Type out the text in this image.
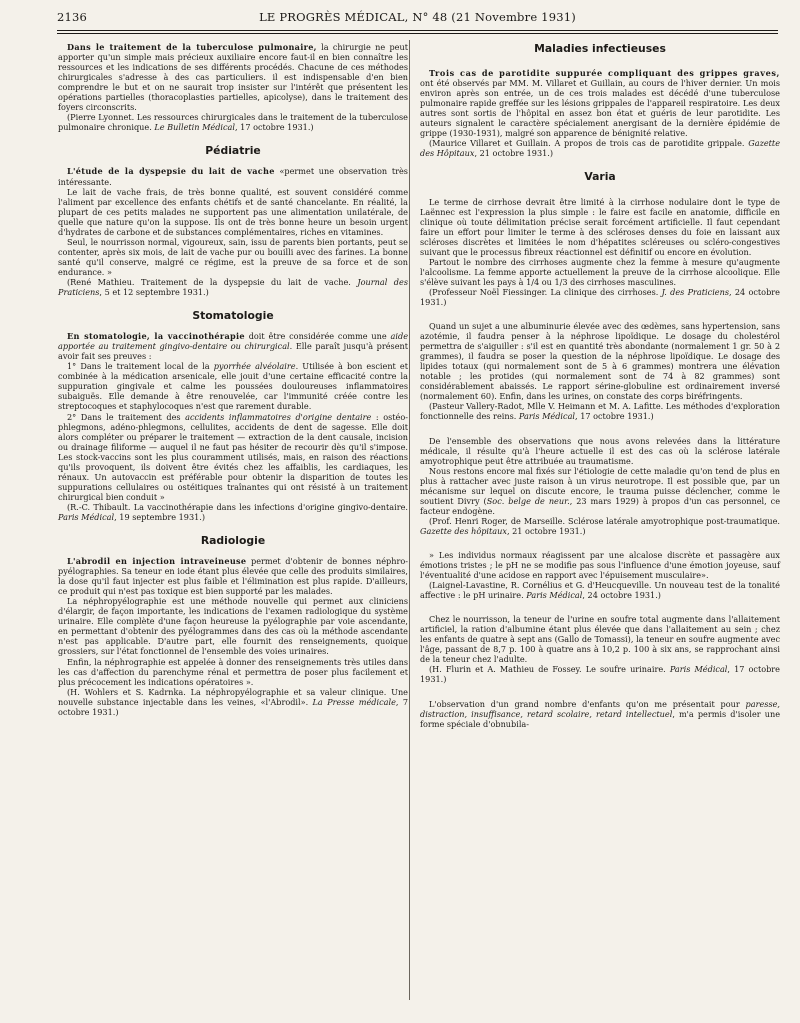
2136	LE PROGRÈS MÉDICAL, N° 48 (21 Novembre 1931)

Dans le traitement de la tuberculose pulmonaire, la chirurgie ne peut apporter qu'un simple mais précieux auxiliaire encore faut-il en bien connaître les ressources et les indications de ses différents procédés. Chacune de ces méthodes chirurgicales s'adresse à des cas particuliers. il est indispensable d'en bien comprendre le but et on ne saurait trop insister sur l'intérêt que présentent les opérations partielles (thoracoplasties partielles, apicolyse), dans le traitement des foyers circonscrits.

(Pierre Lyonnet. Les ressources chirurgicales dans le traitement de la tuberculose pulmonaire chronique. Le Bulletin Médical, 17 octobre 1931.)

Pédiatrie

L'étude de la dyspepsie du lait de vache «permet une observation très intéressante.

Le lait de vache frais, de très bonne qualité, est souvent considéré comme l'aliment par excellence des enfants chétifs et de santé chancelante. En réalité, la plupart de ces petits malades ne supportent pas une alimentation unilatérale, de quelle que nature qu'on la suppose. Ils ont de très bonne heure un besoin urgent d'hydrates de carbone et de substances complémentaires, riches en vitamines.

Seul, le nourrisson normal, vigoureux, sain, issu de parents bien portants, peut se contenter, après six mois, de lait de vache pur ou bouilli avec des farines. La bonne santé qu'il conserve, malgré ce régime, est la preuve de sa force et de son endurance. »

(René Mathieu. Traitement de la dyspepsie du lait de vache. Journal des Praticiens, 5 et 12 septembre 1931.)

Stomatologie

En stomatologie, la vaccinothérapie doit être considérée comme une aide apportée au traitement gingivo-dentaire ou chirurgical. Elle paraît jusqu'à présent avoir fait ses preuves :

1° Dans le traitement local de la pyorrhée alvéolaire. Utilisée à bon escient et combinée à la médication arsenicale, elle jouit d'une certaine efficacité contre la suppuration gingivale et calme les poussées douloureuses inflammatoires subaiguës. Elle demande à être renouvelée, car l'immunité créée contre les streptocoques et staphylocoques n'est que rarement durable.

2° Dans le traitement des accidents inflammatoires d'origine dentaire : ostéo-phlegmons, adéno-phlegmons, cellulites, accidents de dent de sagesse. Elle doit alors compléter ou préparer le traitement — extraction de la dent causale, incision ou drainage filiforme — auquel il ne faut pas hésiter de recourir dès qu'il s'impose. Les stock-vaccins sont les plus couramment utilisés, mais, en raison des réactions qu'ils provoquent, ils doivent être évités chez les affaiblis, les cardiaques, les rénaux. Un autovaccin est préférable pour obtenir la disparition de toutes les suppurations cellulaires ou ostéitiques traînantes qui ont résisté à un traitement chirurgical bien conduit »

(R.-C. Thibault. La vaccinothérapie dans les infections d'origine gingivo-dentaire. Paris Médical, 19 septembre 1931.)

Radiologie

L'abrodil en injection intraveineuse permet d'obtenir de bonnes néphro-pyélographies. Sa teneur en iode étant plus élevée que celle des produits similaires, la dose qu'il faut injecter est plus faible et l'élimination est plus rapide. D'ailleurs, ce produit qui n'est pas toxique est bien supporté par les malades.

La néphropyélographie est une méthode nouvelle qui permet aux cliniciens d'élargir, de façon importante, les indications de l'examen radiologique du système urinaire. Elle complète d'une façon heureuse la pyélographie par voie ascendante, en permettant d'obtenir des pyélogrammes dans des cas où la méthode ascendante n'est pas applicable. D'autre part, elle fournit des renseignements, quoique grossiers, sur l'état fonctionnel de l'ensemble des voies urinaires.

Enfin, la néphrographie est appelée à donner des renseignements très utiles dans les cas d'affection du parenchyme rénal et permettra de poser plus facilement et plus précocement les indications opératoires ».

(H. Wohlers et S. Kadrnka. La néphropyélographie et sa valeur clinique. Une nouvelle substance injectable dans les veines, «l'Abrodil». La Presse médicale, 7 octobre 1931.)

Maladies infectieuses

Trois cas de parotidite suppurée compliquant des grippes graves, ont été observés par MM. M. Villaret et Guillain, au cours de l'hiver dernier. Un mois environ après son entrée, un de ces trois malades est décédé d'une tuberculose pulmonaire rapide greffée sur les lésions grippales de l'appareil respiratoire. Les deux autres sont sortis de l'hôpital en assez bon état et guéris de leur parotidite. Les auteurs signalent le caractère spécialement anergisant de la dernière épidémie de grippe (1930-1931), malgré son apparence de bénignité relative.

(Maurice Villaret et Guillain. A propos de trois cas de parotidite grippale. Gazette des Hôpitaux, 21 octobre 1931.)

Varia

Le terme de cirrhose devrait être limité à la cirrhose nodulaire dont le type de Laënnec est l'expression la plus simple : le faire est facile en anatomie, difficile en clinique où toute délimitation précise serait forcément artificielle. Il faut cependant faire un effort pour limiter le terme à des scléroses denses du foie en laissant aux scléroses discrètes et limitées le nom d'hépatites scléreuses ou scléro-congestives suivant que le processus fibreux réactionnel est définitif ou encore en évolution.

Partout le nombre des cirrhoses augmente chez la femme à mesure qu'augmente l'alcoolisme. La femme apporte actuellement la preuve de la cirrhose alcoolique. Elle s'élève suivant les pays à 1/4 ou 1/3 des cirrhoses masculines.

(Professeur Noël Fiessinger. La clinique des cirrhoses. J. des Praticiens, 24 octobre 1931.)

Quand un sujet a une albuminurie élevée avec des œdèmes, sans hypertension, sans azotémie, il faudra penser à la néphrose lipoïdique. Le dosage du cholestérol permettra de s'aiguiller : s'il est en quantité très abondante (normalement 1 gr. 50 à 2 grammes), il faudra se poser la question de la néphrose lipoïdique. Le dosage des lipides totaux (qui normalement sont de 5 à 6 grammes) montrera une élévation notable ; les protides (qui normalement sont de 74 à 82 grammes) sont considérablement abaissés. Le rapport sérine-globuline est ordinairement inversé (normalement 60). Enfin, dans les urines, on constate des corps biréfringents.

(Pasteur Vallery-Radot, Mlle V. Heimann et M. A. Lafitte. Les méthodes d'exploration fonctionnelle des reins. Paris Médical, 17 octobre 1931.)

De l'ensemble des observations que nous avons relevées dans la littérature médicale, il résulte qu'à l'heure actuelle il est des cas où la sclérose latérale amyotrophique peut être attribuée au traumatisme.

Nous restons encore mal fixés sur l'étiologie de cette maladie qu'on tend de plus en plus à rattacher avec juste raison à un virus neurotrope. Il est possible que, par un mécanisme sur lequel on discute encore, le trauma puisse déclencher, comme le soutient Divry (Soc. belge de neur., 23 mars 1929) à propos d'un cas personnel, ce facteur endogène.

(Prof. Henri Roger, de Marseille. Sclérose latérale amyotrophique post-traumatique. Gazette des hôpitaux, 21 octobre 1931.)

» Les individus normaux réagissent par une alcalose discrète et passagère aux émotions tristes ; le pH ne se modifie pas sous l'influence d'une émotion joyeuse, sauf l'éventualité d'une acidose en rapport avec l'épuisement musculaire».

(Laignel-Lavastine, R. Cornélius et G. d'Heucqueville. Un nouveau test de la tonalité affective : le pH urinaire. Paris Médical, 24 octobre 1931.)

Chez le nourrisson, la teneur de l'urine en soufre total augmente dans l'allaitement artificiel, la ration d'albumine étant plus élevée que dans l'allaitement au sein ; chez les enfants de quatre à sept ans (Gallo de Tomassi), la teneur en soufre augmente avec l'âge, passant de 8,7 p. 100 à quatre ans à 10,2 p. 100 à six ans, se rapprochant ainsi de la teneur chez l'adulte.

(H. Flurin et A. Mathieu de Fossey. Le soufre urinaire. Paris Médical, 17 octobre 1931.)

L'observation d'un grand nombre d'enfants qu'on me présentait pour paresse, distraction, insuffisance, retard scolaire, retard intellectuel, m'a permis d'isoler une forme spéciale d'obnubila-
